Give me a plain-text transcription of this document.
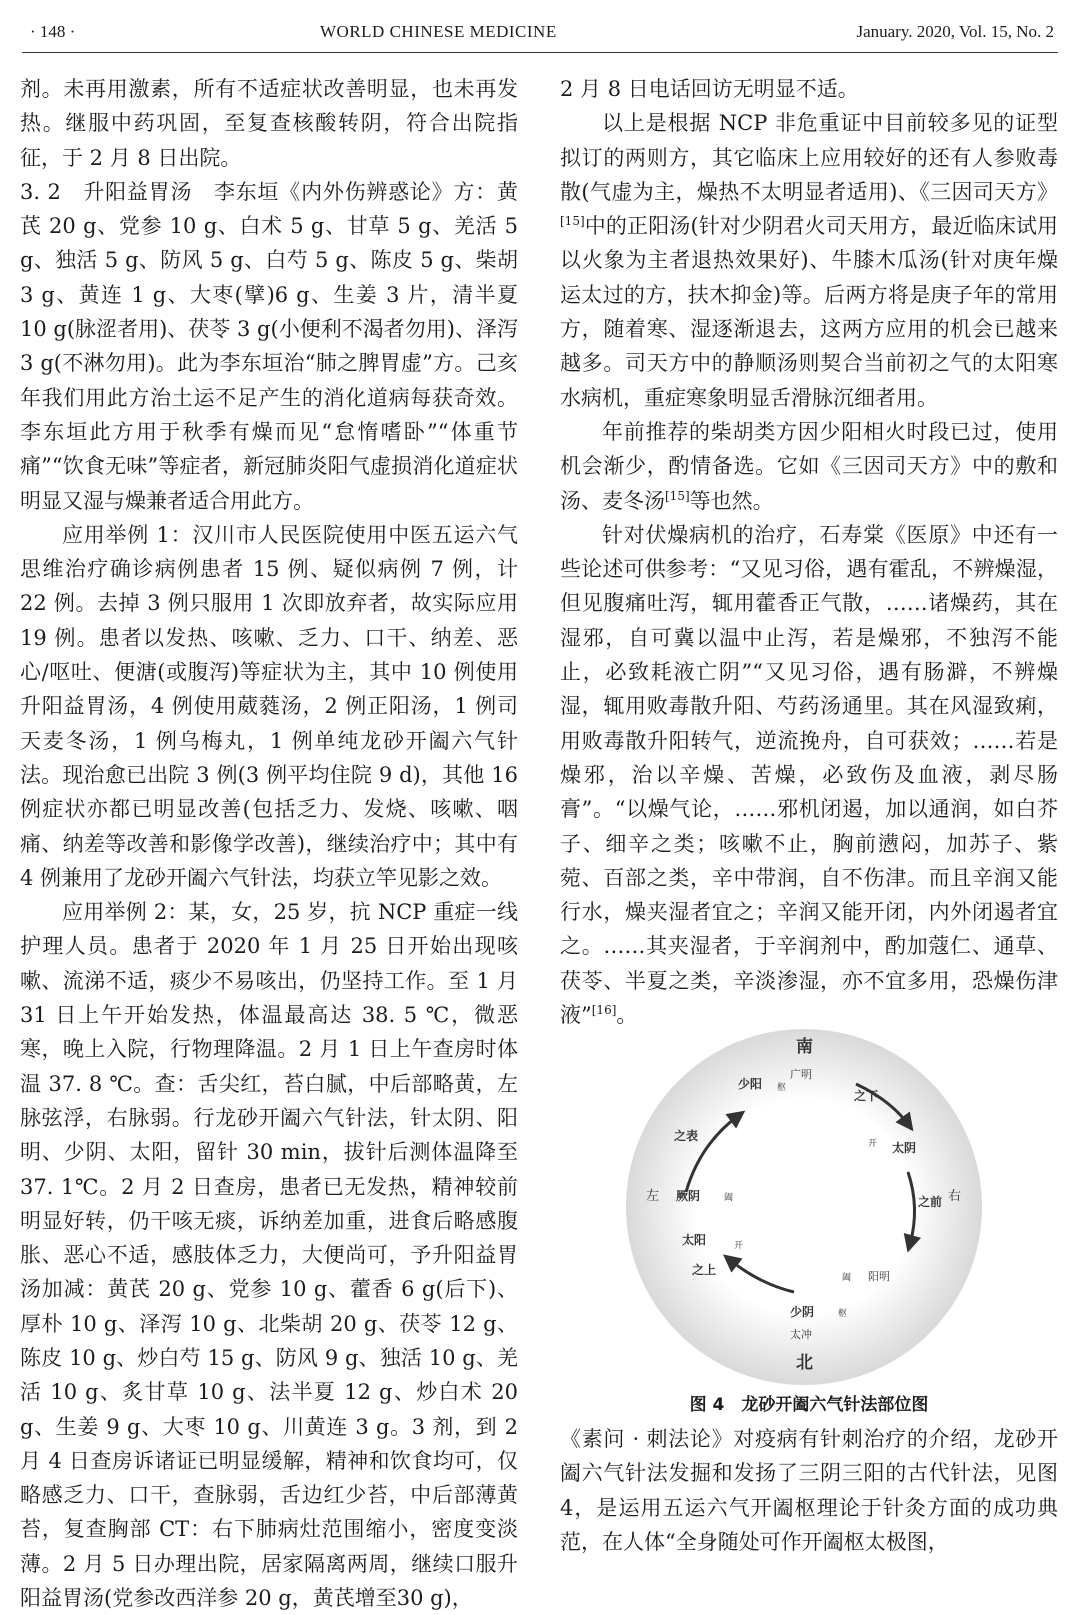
· 148 ·	WORLD CHINESE MEDICINE	January. 2020, Vol. 15, No. 2

剂。未再用激素，所有不适症状改善明显，也未再发热。继服中药巩固，至复查核酸转阴，符合出院指征，于 2 月 8 日出院。

3. 2　升阳益胃汤　李东垣《内外伤辨惑论》方：黄芪 20 g、党参 10 g、白术 5 g、甘草 5 g、羌活 5 g、独活 5 g、防风 5 g、白芍 5 g、陈皮 5 g、柴胡 3 g、黄连 1 g、大枣(擘)6 g、生姜 3 片，清半夏 10 g(脉涩者用)、茯苓 3 g(小便利不渴者勿用)、泽泻 3 g(不淋勿用)。此为李东垣治“肺之脾胃虚”方。己亥年我们用此方治土运不足产生的消化道病每获奇效。李东垣此方用于秋季有燥而见“怠惰嗜卧”“体重节痛”“饮食无味”等症者，新冠肺炎阳气虚损消化道症状明显又湿与燥兼者适合用此方。

应用举例 1：汉川市人民医院使用中医五运六气思维治疗确诊病例患者 15 例、疑似病例 7 例，计 22 例。去掉 3 例只服用 1 次即放弃者，故实际应用 19 例。患者以发热、咳嗽、乏力、口干、纳差、恶心/呕吐、便溏(或腹泻)等症状为主，其中 10 例使用升阳益胃汤，4 例使用葳蕤汤，2 例正阳汤，1 例司天麦冬汤，1 例乌梅丸，1 例单纯龙砂开阖六气针法。现治愈已出院 3 例(3 例平均住院 9 d)，其他 16 例症状亦都已明显改善(包括乏力、发烧、咳嗽、咽痛、纳差等改善和影像学改善)，继续治疗中；其中有 4 例兼用了龙砂开阖六气针法，均获立竿见影之效。

应用举例 2：某，女，25 岁，抗 NCP 重症一线护理人员。患者于 2020 年 1 月 25 日开始出现咳嗽、流涕不适，痰少不易咳出，仍坚持工作。至 1 月 31 日上午开始发热，体温最高达 38. 5 ℃，微恶寒，晚上入院，行物理降温。2 月 1 日上午查房时体温 37. 8 ℃。查：舌尖红，苔白腻，中后部略黄，左脉弦浮，右脉弱。行龙砂开阖六气针法，针太阴、阳明、少阴、太阳，留针 30 min，拔针后测体温降至 37. 1℃。2 月 2 日查房，患者已无发热，精神较前明显好转，仍干咳无痰，诉纳差加重，进食后略感腹胀、恶心不适，感肢体乏力，大便尚可，予升阳益胃汤加减：黄芪 20 g、党参 10 g、藿香 6 g(后下)、厚朴 10 g、泽泻 10 g、北柴胡 20 g、茯苓 12 g、陈皮 10 g、炒白芍 15 g、防风 9 g、独活 10 g、羌活 10 g、炙甘草 10 g、法半夏 12 g、炒白术 20 g、生姜 9 g、大枣 10 g、川黄连 3 g。3 剂，到 2 月 4 日查房诉诸证已明显缓解，精神和饮食均可，仅略感乏力、口干，查脉弱，舌边红少苔，中后部薄黄苔，复查胸部 CT：右下肺病灶范围缩小，密度变淡薄。2 月 5 日办理出院，居家隔离两周，继续口服升阳益胃汤(党参改西洋参 20 g，黄芪增至30 g)，

2 月 8 日电话回访无明显不适。

以上是根据 NCP 非危重证中目前较多见的证型拟订的两则方，其它临床上应用较好的还有人参败毒散(气虚为主，燥热不太明显者适用)、《三因司天方》[15]中的正阳汤(针对少阴君火司天用方，最近临床试用以火象为主者退热效果好)、牛膝木瓜汤(针对庚年燥运太过的方，扶木抑金)等。后两方将是庚子年的常用方，随着寒、湿逐渐退去，这两方应用的机会已越来越多。司天方中的静顺汤则契合当前初之气的太阳寒水病机，重症寒象明显舌滑脉沉细者用。

年前推荐的柴胡类方因少阳相火时段已过，使用机会渐少，酌情备选。它如《三因司天方》中的敷和汤、麦冬汤[15]等也然。

针对伏燥病机的治疗，石寿棠《医原》中还有一些论述可供参考：“又见习俗，遇有霍乱，不辨燥湿，但见腹痛吐泻，辄用藿香正气散，……诸燥药，其在湿邪，自可冀以温中止泻，若是燥邪，不独泻不能止，必致耗液亡阴”“又见习俗，遇有肠澼，不辨燥湿，辄用败毒散升阳、芍药汤通里。其在风湿致痢，用败毒散升阳转气，逆流挽舟，自可获效；……若是燥邪，治以辛燥、苦燥，必致伤及血液，剥尽肠膏”。“以燥气论，……邪机闭遏，加以通润，如白芥子、细辛之类；咳嗽不止，胸前懑闷，加苏子、紫菀、百部之类，辛中带润，自不伤津。而且辛润又能行水，燥夹湿者宜之；辛润又能开闭，内外闭遏者宜之。……其夹湿者，于辛润剂中，酌加蔻仁、通草、茯苓、半夏之类，辛淡渗湿，亦不宜多用，恐燥伤津液”[16]。

南
北
左	右
少阳 枢
广明
之下
开 太阴
之前
阖 阳明
少阴	枢
太冲
之上
太阳	开
厥阴	阖
之表
图 4　龙砂开阖六气针法部位图

《素问 · 刺法论》对疫病有针刺治疗的介绍，龙砂开阖六气针法发掘和发扬了三阴三阳的古代针法，见图 4，是运用五运六气开阖枢理论于针灸方面的成功典范，在人体“全身随处可作开阖枢太极图，
